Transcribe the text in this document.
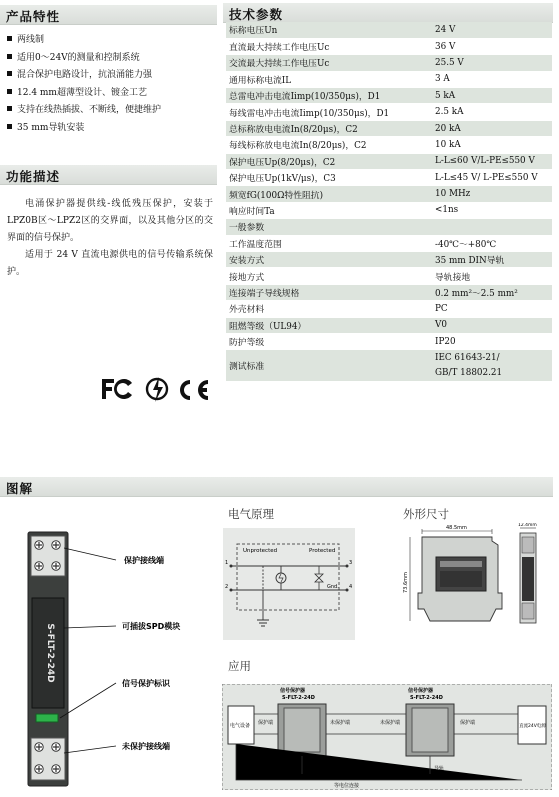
产品特性	技术参数
功能描述
图解
两线制
适用0～24V的测量和控制系统
混合保护电路设计，抗浪涌能力强
12.4 mm超薄型设计、镀金工艺
支持在线热插拔、不断线，便捷维护
35 mm导轨安装

电涌保护器提供线-线低残压保护，安装于LPZ0B区～LPZ2区的交界面，以及其他分区的交界面的信号保护。

适用于 24 V 直流电源供电的信号传输系统保护。

标称电压Un	24 V
直流最大持续工作电压Uc	36 V
交流最大持续工作电压Uc	25.5 V
通用标称电流IL	3 A
总雷电冲击电流Iimp(10/350μs)，D1	5 kA
每线雷电冲击电流Iimp(10/350μs)，D1	2.5 kA
总标称放电电流In(8/20μs)，C2	20 kA
每线标称放电电流In(8/20μs)，C2	10 kA
保护电压Up(8/20μs)，C2	L-L≤60 V/L-PE≤550 V
保护电压Up(1kV/μs)，C3	L-L≤45 V/ L-PE≤550 V
频宽fG(100Ω特性阻抗)	10 MHz
响应时间Ta	<1ns
一般参数	
工作温度范围	-40℃～+80℃
安装方式	35 mm DIN导轨
接地方式	导轨接地
连接端子导线规格	0.2 mm²～2.5 mm²
外壳材料	PC
阻燃等级（UL94）	V0
防护等级	IP20
测试标准	IEC 61643-21/
GB/T 18802.21
S-FLT-2-24D
保护接线端
可插拔SPD模块
信号保护标识
未保护接线端
电气原理	外形尺寸
应用
Unprotected	Protected
1
2
3
4
Gnd.
48.5mm
73.6mm
12.4mm
电气设备
信号保护器
S-FLT-2-24D
保护端	未保护端
信号保护器
S-FLT-2-24D
未保护端	保护端
直流24V电源
导轨	导轨
等电位连接
